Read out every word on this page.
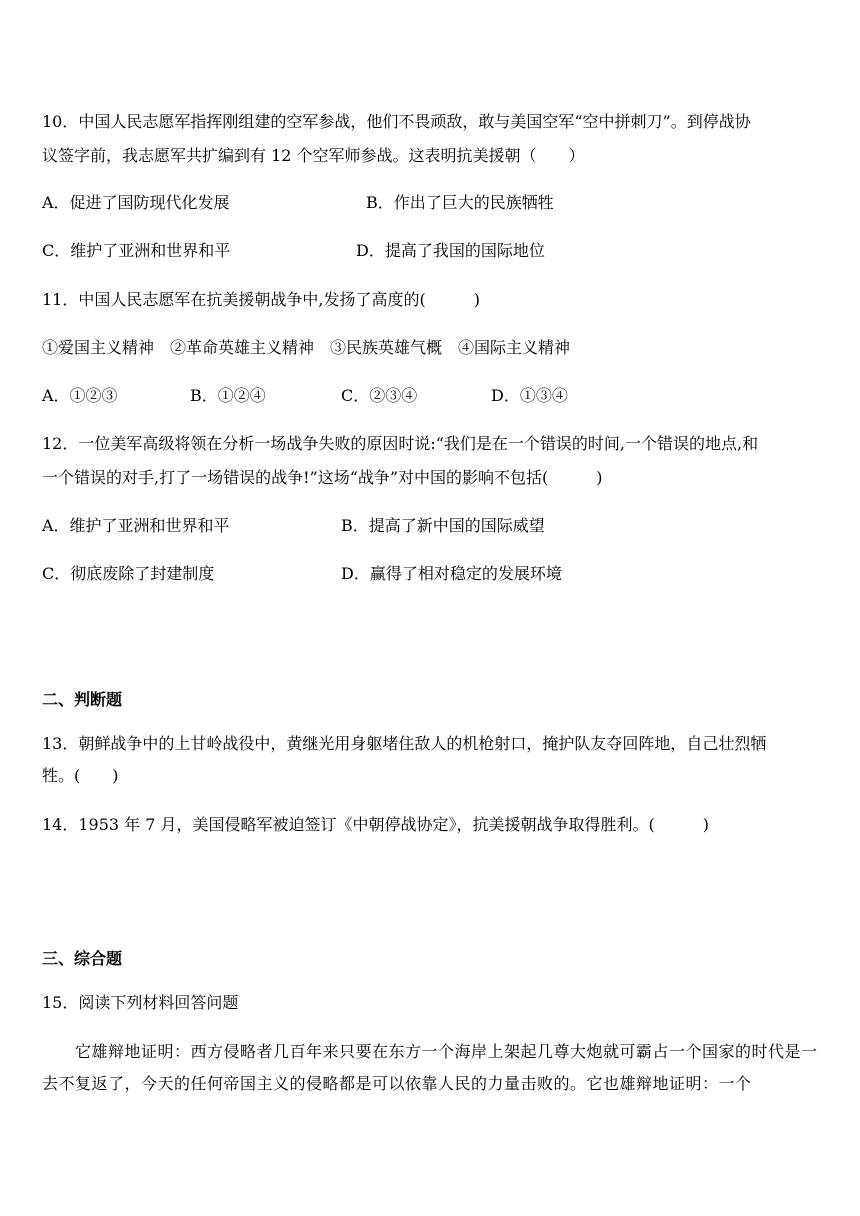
10．中国人民志愿军指挥刚组建的空军参战，他们不畏顽敌，敢与美国空军“空中拼刺刀”。到停战协
议签字前，我志愿军共扩编到有 12 个空军师参战。这表明抗美援朝（　　）
A．促进了国防现代化发展	B．作出了巨大的民族牺牲
C．维护了亚洲和世界和平	D．提高了我国的国际地位
11．中国人民志愿军在抗美援朝战争中,发扬了高度的(　　　)
①爱国主义精神　②革命英雄主义精神　③民族英雄气概　④国际主义精神
A．①②③	B．①②④	C．②③④	D．①③④
12．一位美军高级将领在分析一场战争失败的原因时说:“我们是在一个错误的时间,一个错误的地点,和
一个错误的对手,打了一场错误的战争!”这场“战争”对中国的影响不包括(　　　)
A．维护了亚洲和世界和平	B．提高了新中国的国际威望
C．彻底废除了封建制度	D．赢得了相对稳定的发展环境
二、判断题
13．朝鲜战争中的上甘岭战役中，黄继光用身躯堵住敌人的机枪射口，掩护队友夺回阵地，自己壮烈牺
牲。(　　)
14．1953 年 7 月，美国侵略军被迫签订《中朝停战协定》，抗美援朝战争取得胜利。(　　　)
三、综合题
15．阅读下列材料回答问题
　　它雄辩地证明：西方侵略者几百年来只要在东方一个海岸上架起几尊大炮就可霸占一个国家的时代是一去不复返了，今天的任何帝国主义的侵略都是可以依靠人民的力量击败的。它也雄辩地证明：一个
